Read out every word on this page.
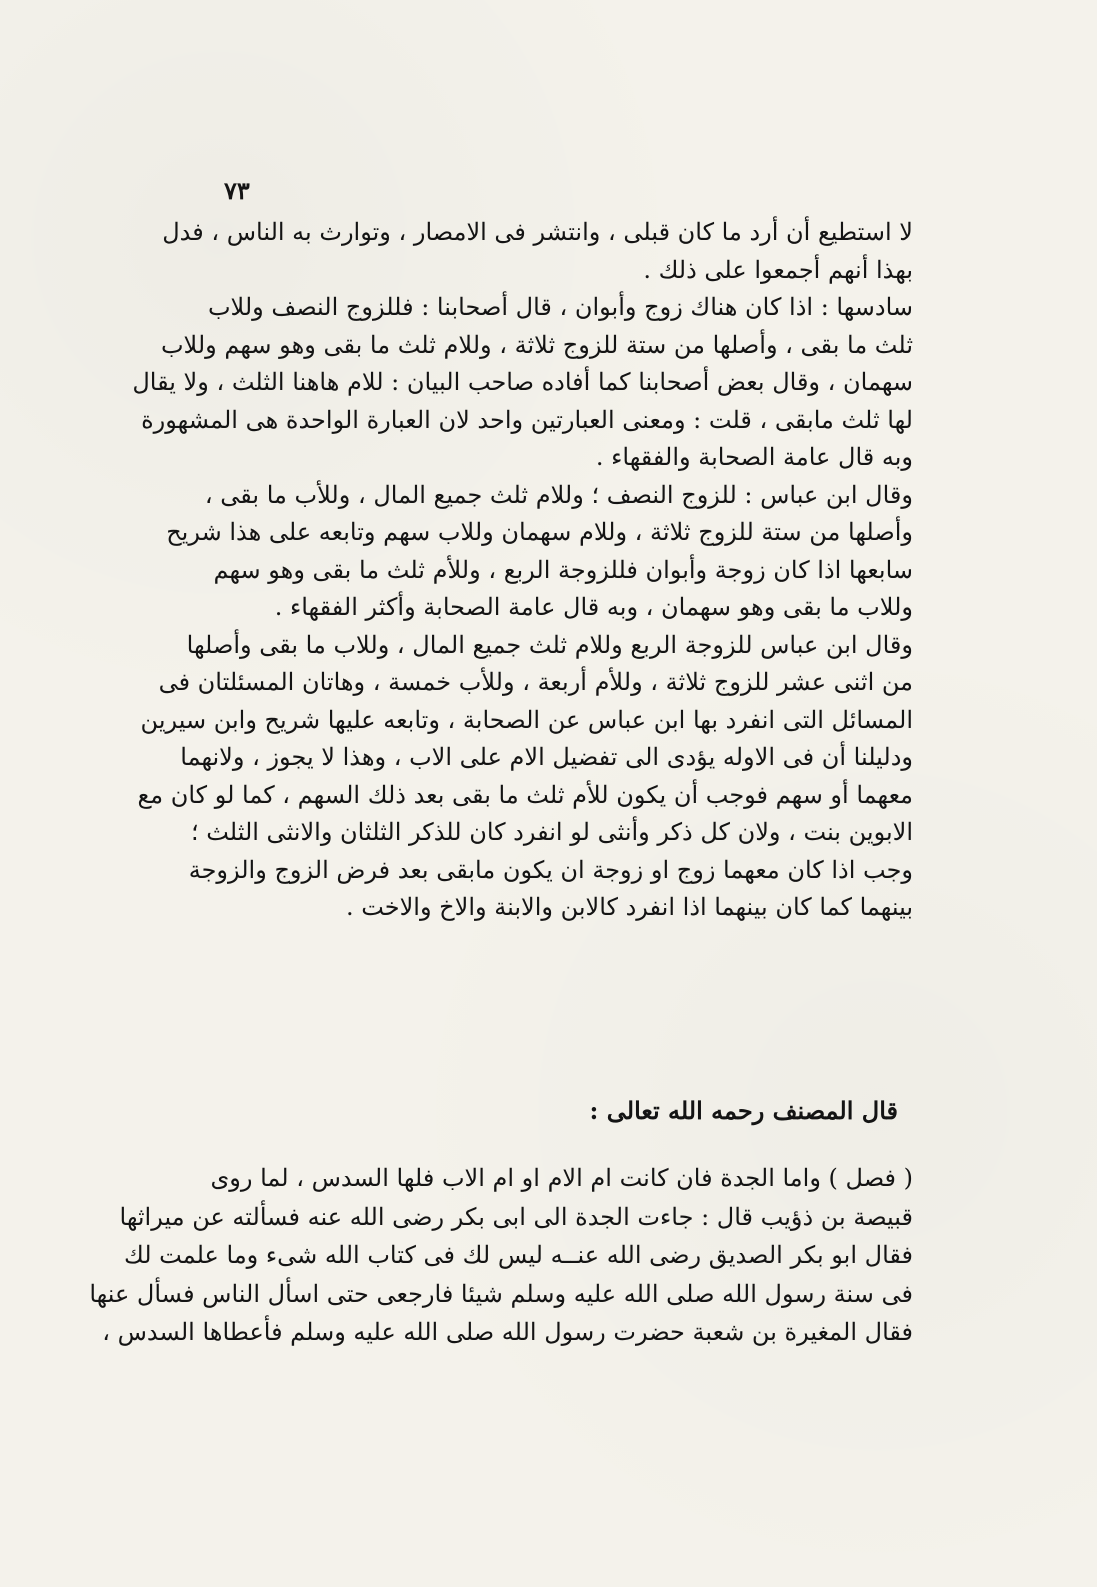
٧٣
لا استطيع أن أرد ما كان قبلى ، وانتشر فى الامصار ، وتوارث به الناس ، فدل
بهذا أنهم أجمعوا على ذلك .
سادسها : اذا كان هناك زوج وأبوان ، قال أصحابنا : فللزوج النصف وللاب
ثلث ما بقى ، وأصلها من ستة للزوج ثلاثة ، وللام ثلث ما بقى وهو سهم وللاب
سهمان ، وقال بعض أصحابنا كما أفاده صاحب البيان : للام هاهنا الثلث ، ولا يقال
لها ثلث مابقى ، قلت : ومعنى العبارتين واحد لان العبارة الواحدة هى المشهورة
وبه قال عامة الصحابة والفقهاء .
وقال ابن عباس : للزوج النصف ؛ وللام ثلث جميع المال ، وللأب ما بقى ،
وأصلها من ستة للزوج ثلاثة ، وللام سهمان وللاب سهم وتابعه على هذا شريح
سابعها اذا كان زوجة وأبوان فللزوجة الربع ، وللأم ثلث ما بقى وهو سهم
وللاب ما بقى وهو سهمان ، وبه قال عامة الصحابة وأكثر الفقهاء .
وقال ابن عباس للزوجة الربع وللام ثلث جميع المال ، وللاب ما بقى وأصلها
من اثنى عشر للزوج ثلاثة ، وللأم أربعة ، وللأب خمسة ، وهاتان المسئلتان فى
المسائل التى انفرد بها ابن عباس عن الصحابة ، وتابعه عليها شريح وابن سيرين
ودليلنا أن فى الاوله يؤدى الى تفضيل الام على الاب ، وهذا لا يجوز ، ولانهما
معهما أو سهم فوجب أن يكون للأم ثلث ما بقى بعد ذلك السهم ، كما لو كان مع
الابوين بنت ، ولان كل ذكر وأنثى لو انفرد كان للذكر الثلثان والانثى الثلث ؛
وجب اذا كان معهما زوج او زوجة ان يكون مابقى بعد فرض الزوج والزوجة
بينهما كما كان بينهما اذا انفرد كالابن والابنة والاخ والاخت .
قال المصنف رحمه الله تعالى :
( فصل ) واما الجدة فان كانت ام الام او ام الاب فلها السدس ، لما روى
قبيصة بن ذؤيب قال : جاءت الجدة الى ابى بكر رضى الله عنه فسألته عن ميراثها
فقال ابو بكر الصديق رضى الله عنــه ليس لك فى كتاب الله شىء وما علمت لك
فى سنة رسول الله صلى الله عليه وسلم شيئا فارجعى حتى اسأل الناس فسأل عنها
فقال المغيرة بن شعبة حضرت رسول الله صلى الله عليه وسلم فأعطاها السدس ،
